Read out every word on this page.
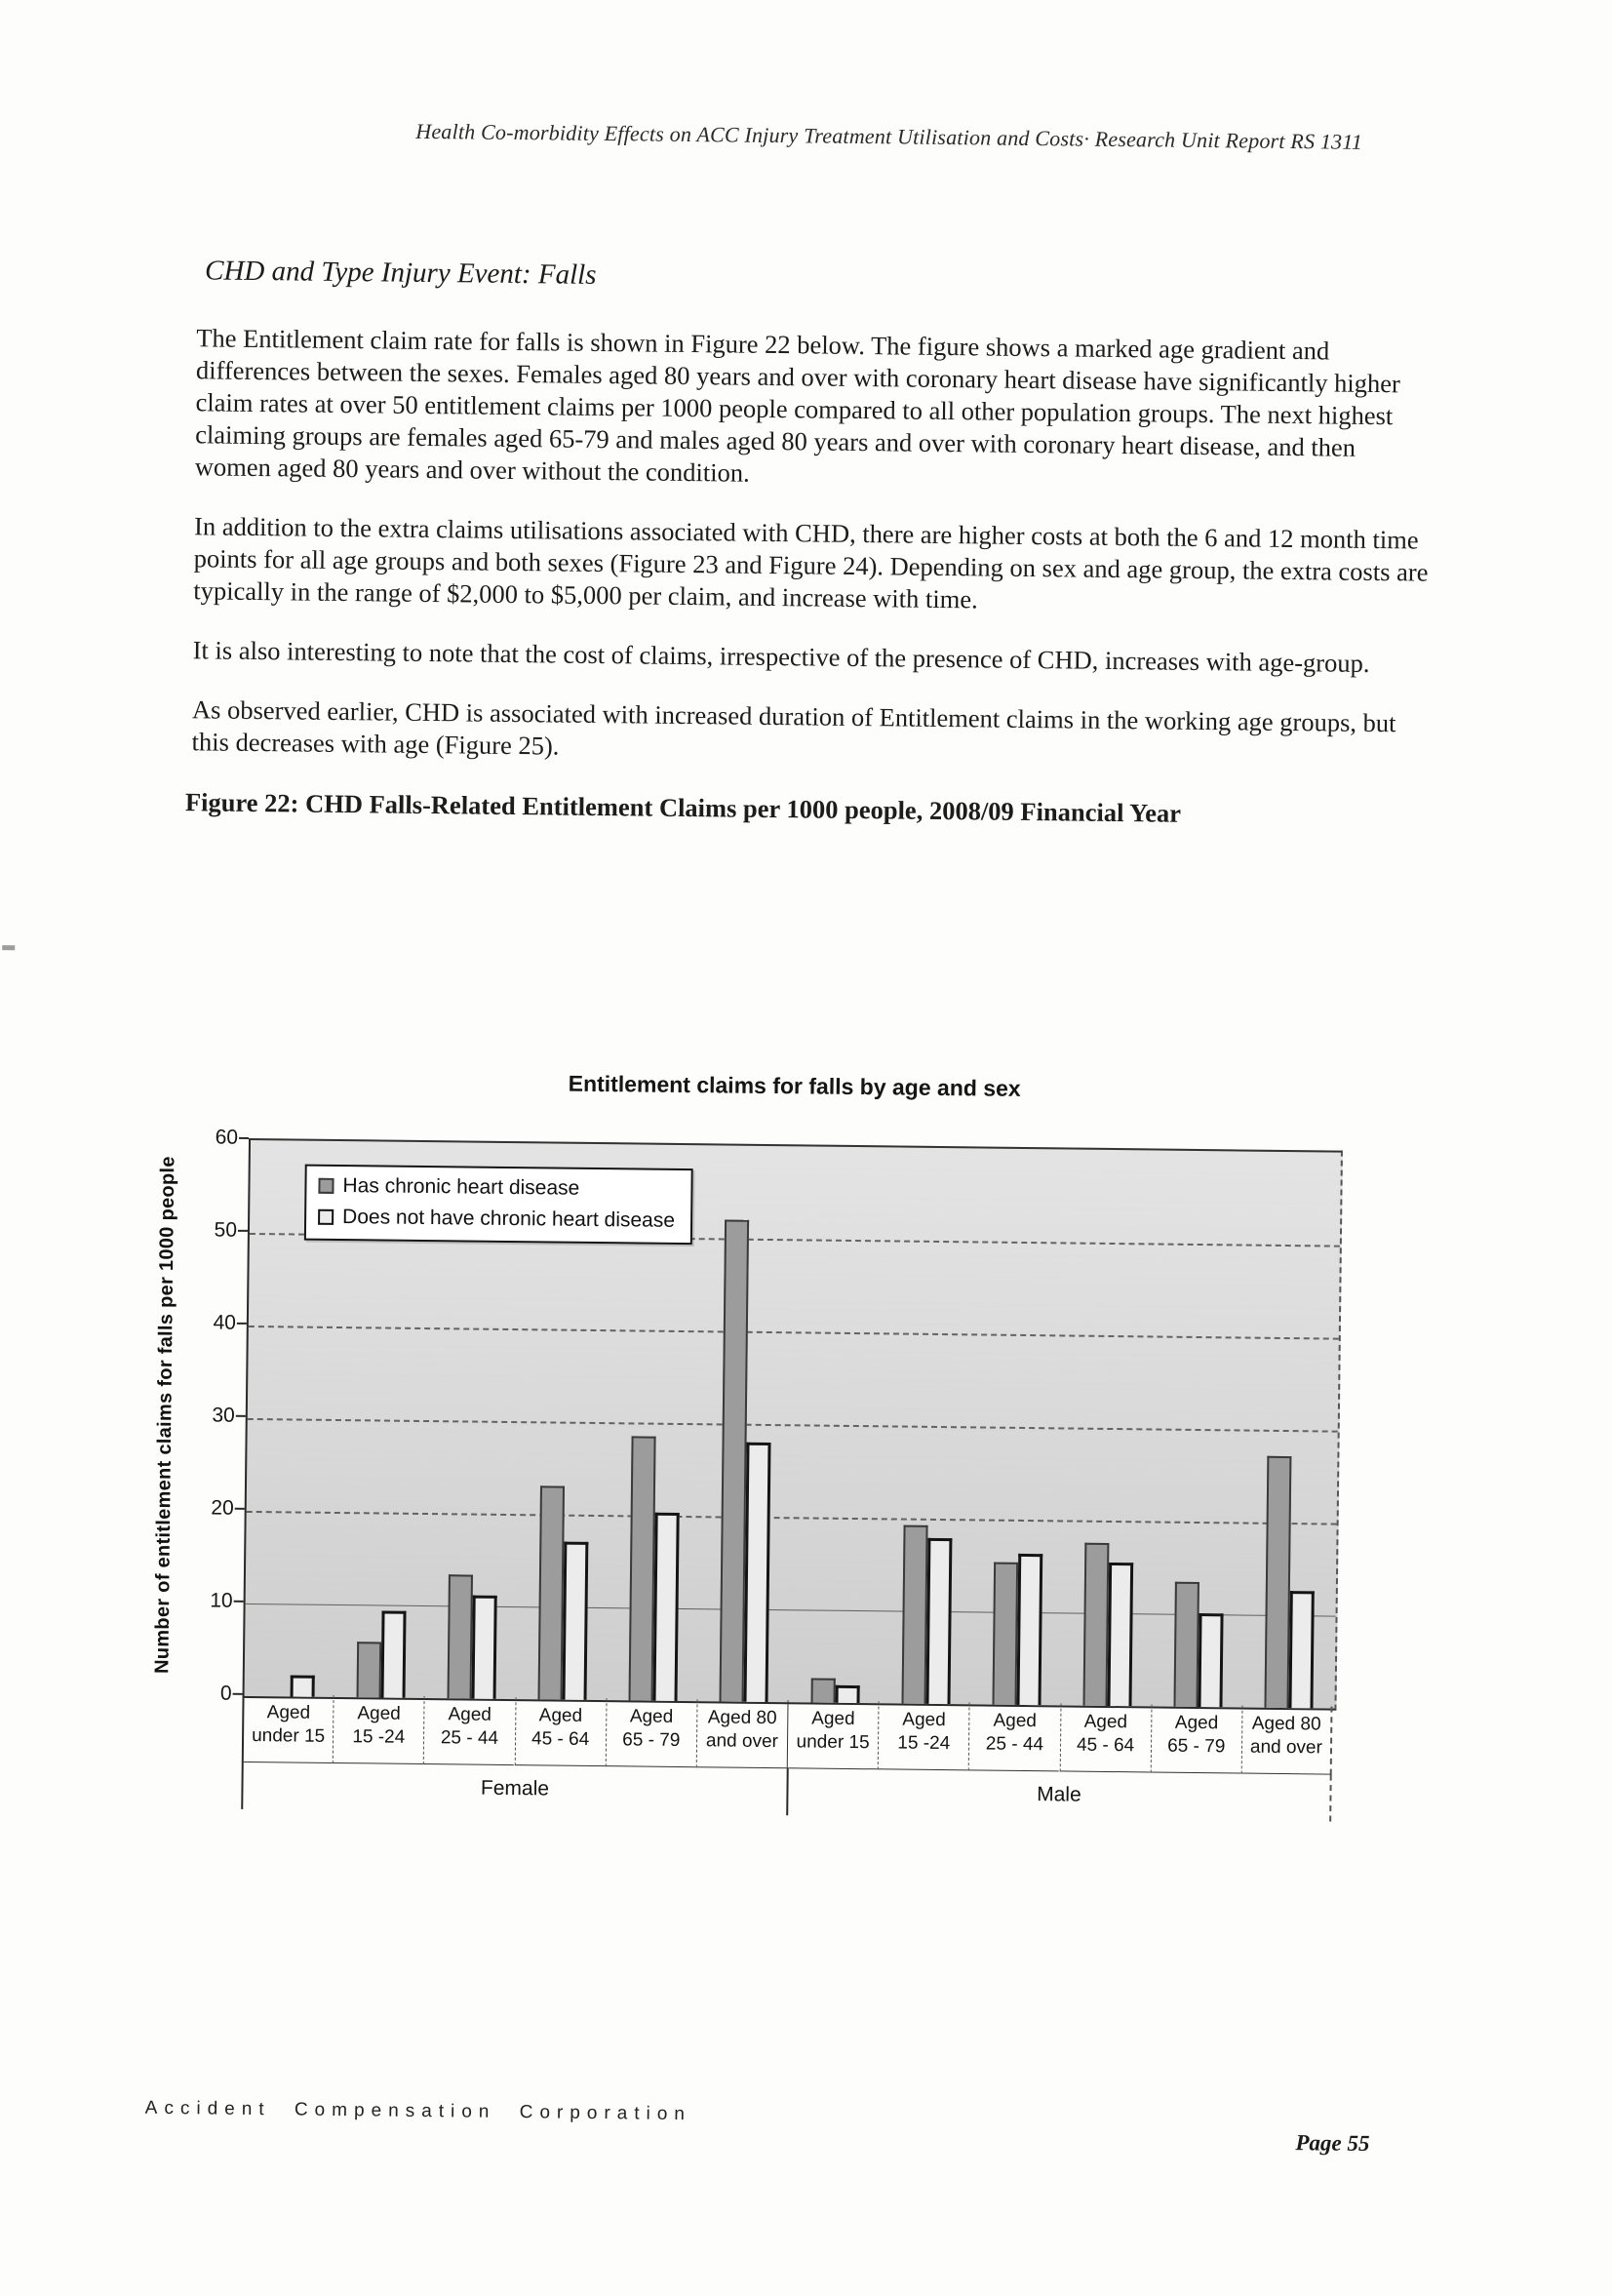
Health Co-morbidity Effects on ACC Injury Treatment Utilisation and Costs· Research Unit Report RS 1311
CHD and Type Injury Event: Falls

The Entitlement claim rate for falls is shown in Figure 22 below. The figure shows a marked age gradient and differences between the sexes. Females aged 80 years and over with coronary heart disease have significantly higher claim rates at over 50 entitlement claims per 1000 people compared to all other population groups. The next highest claiming groups are females aged 65-79 and males aged 80 years and over with coronary heart disease, and then women aged 80 years and over without the condition.

In addition to the extra claims utilisations associated with CHD, there are higher costs at both the 6 and 12 month time points for all age groups and both sexes (Figure 23 and Figure 24). Depending on sex and age group, the extra costs are typically in the range of $2,000 to $5,000 per claim, and increase with time.

It is also interesting to note that the cost of claims, irrespective of the presence of CHD, increases with age-group.

As observed earlier, CHD is associated with increased duration of Entitlement claims in the working age groups, but this decreases with age (Figure 25).

Figure 22: CHD Falls-Related Entitlement Claims per 1000 people, 2008/09 Financial Year
Entitlement claims for falls by age and sex
Number of entitlement claims for falls per 1000 people
Aged
under 15
Aged
15 -24
Aged
25 - 44
Aged
45 - 64
Aged
65 - 79
Aged 80
and over
Aged
under 15
Aged
15 -24
Aged
25 - 44
Aged
45 - 64
Aged
65 - 79
Aged 80
and over
Female	Male
Has chronic heart disease
Does not have chronic heart disease
0
10
20
30
40
50
60
Accident Compensation Corporation
Page 55
